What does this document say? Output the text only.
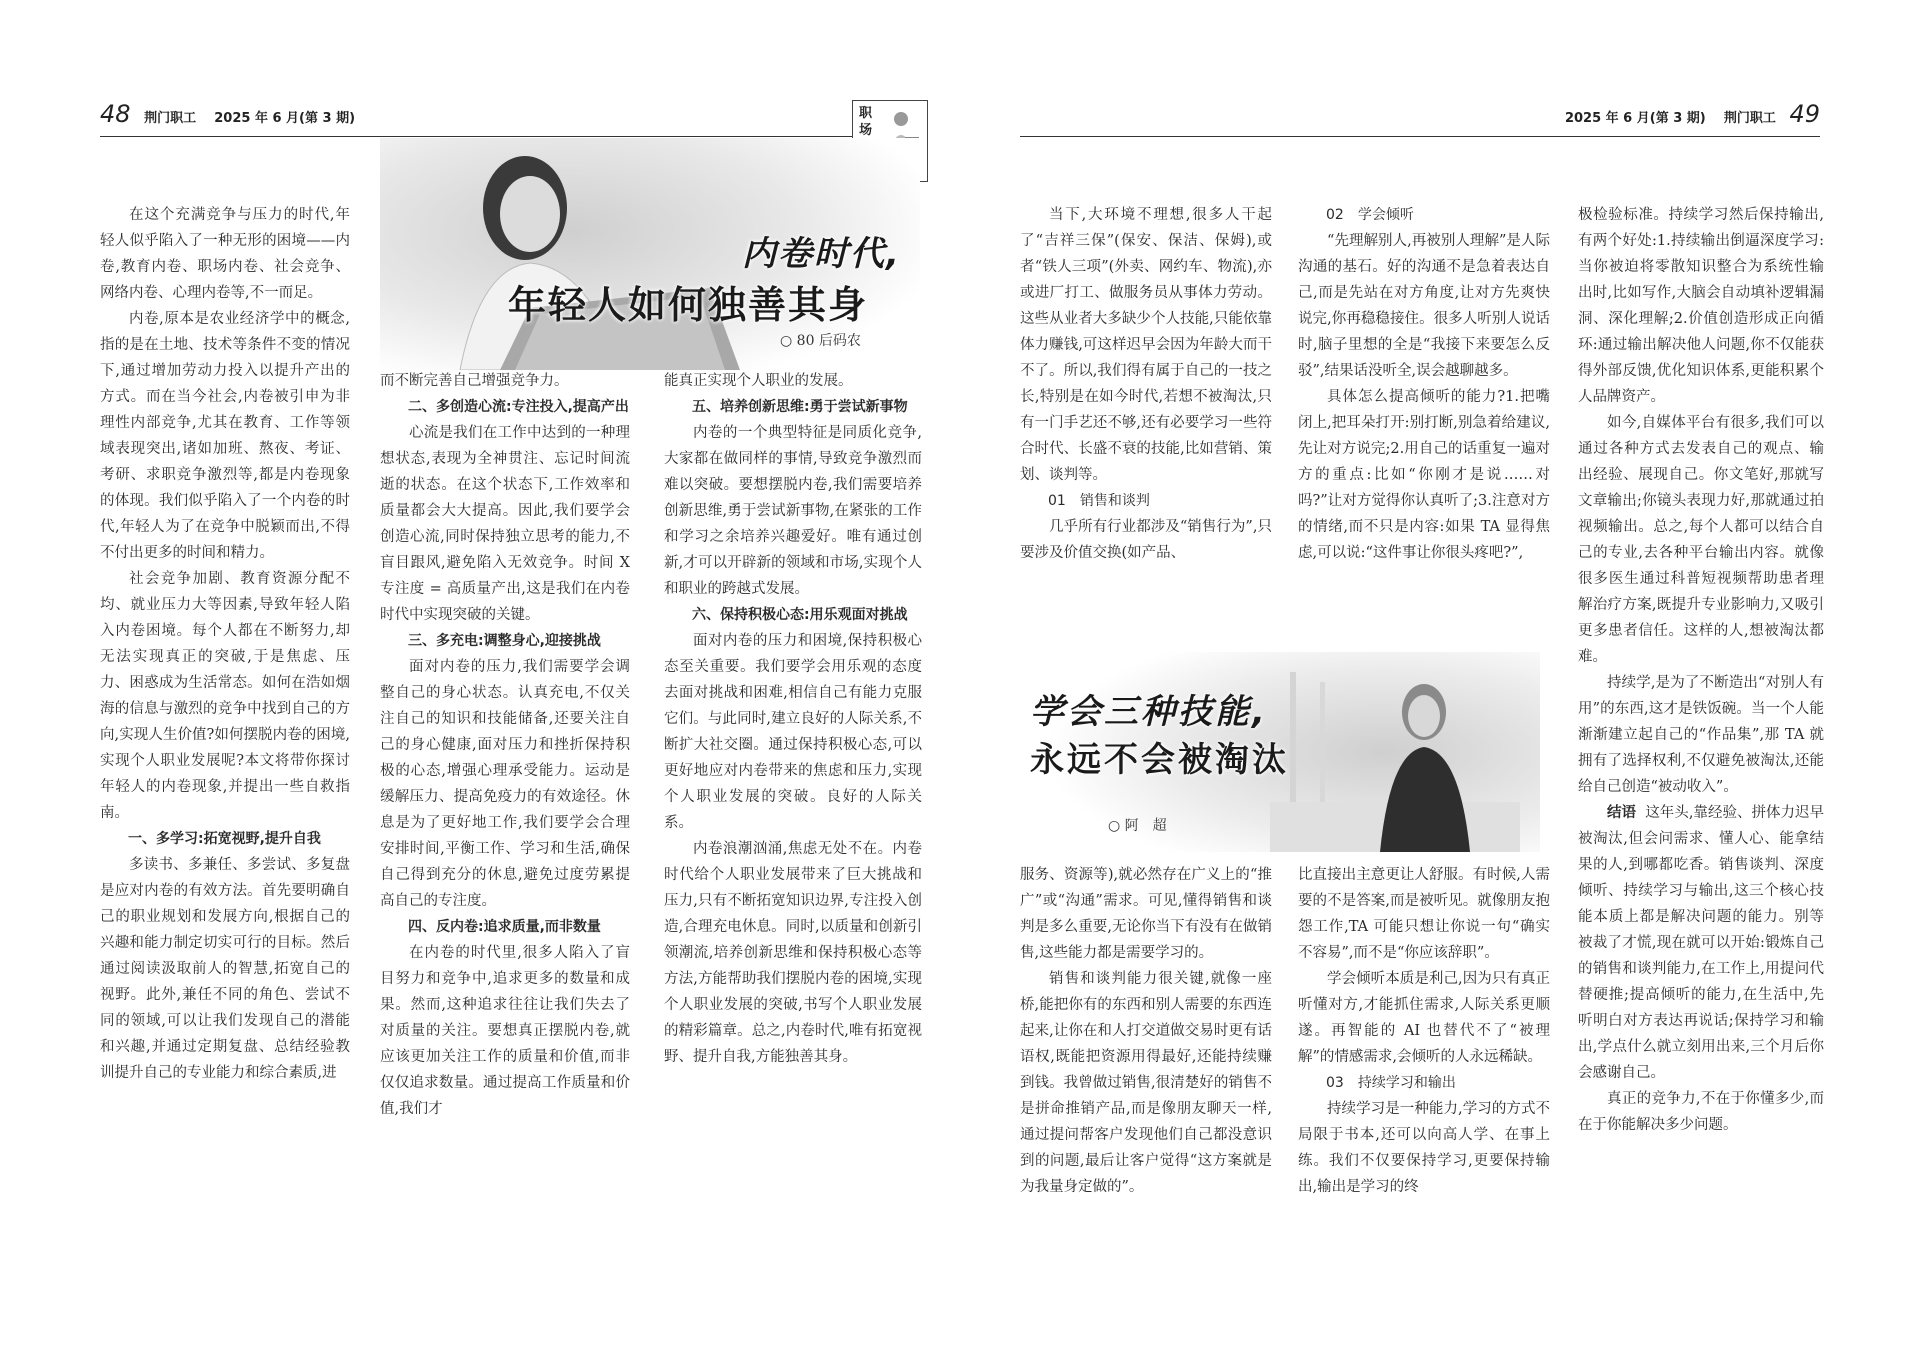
48 荆门职工 2025 年 6 月(第 3 期)	2025 年 6 月(第 3 期) 荆门职工 49
职场
内卷时代,
年轻人如何独善其身
○ 80 后码农

在这个充满竞争与压力的时代,年轻人似乎陷入了一种无形的困境——内卷,教育内卷、职场内卷、社会竞争、网络内卷、心理内卷等,不一而足。

内卷,原本是农业经济学中的概念,指的是在土地、技术等条件不变的情况下,通过增加劳动力投入以提升产出的方式。而在当今社会,内卷被引申为非理性内部竞争,尤其在教育、工作等领域表现突出,诸如加班、熬夜、考证、考研、求职竞争激烈等,都是内卷现象的体现。我们似乎陷入了一个内卷的时代,年轻人为了在竞争中脱颖而出,不得不付出更多的时间和精力。

社会竞争加剧、教育资源分配不均、就业压力大等因素,导致年轻人陷入内卷困境。每个人都在不断努力,却无法实现真正的突破,于是焦虑、压力、困惑成为生活常态。如何在浩如烟海的信息与激烈的竞争中找到自己的方向,实现人生价值?如何摆脱内卷的困境,实现个人职业发展呢?本文将带你探讨年轻人的内卷现象,并提出一些自救指南。

一、多学习:拓宽视野,提升自我

多读书、多兼任、多尝试、多复盘是应对内卷的有效方法。首先要明确自己的职业规划和发展方向,根据自己的兴趣和能力制定切实可行的目标。然后通过阅读汲取前人的智慧,拓宽自己的视野。此外,兼任不同的角色、尝试不同的领域,可以让我们发现自己的潜能和兴趣,并通过定期复盘、总结经验教训提升自己的专业能力和综合素质,进

而不断完善自己增强竞争力。

二、多创造心流:专注投入,提高产出

心流是我们在工作中达到的一种理想状态,表现为全神贯注、忘记时间流逝的状态。在这个状态下,工作效率和质量都会大大提高。因此,我们要学会创造心流,同时保持独立思考的能力,不盲目跟风,避免陷入无效竞争。时间 X 专注度 = 高质量产出,这是我们在内卷时代中实现突破的关键。

三、多充电:调整身心,迎接挑战

面对内卷的压力,我们需要学会调整自己的身心状态。认真充电,不仅关注自己的知识和技能储备,还要关注自己的身心健康,面对压力和挫折保持积极的心态,增强心理承受能力。运动是缓解压力、提高免疫力的有效途径。休息是为了更好地工作,我们要学会合理安排时间,平衡工作、学习和生活,确保自己得到充分的休息,避免过度劳累提高自己的专注度。

四、反内卷:追求质量,而非数量

在内卷的时代里,很多人陷入了盲目努力和竞争中,追求更多的数量和成果。然而,这种追求往往让我们失去了对质量的关注。要想真正摆脱内卷,就应该更加关注工作的质量和价值,而非仅仅追求数量。通过提高工作质量和价值,我们才

能真正实现个人职业的发展。

五、培养创新思维:勇于尝试新事物

内卷的一个典型特征是同质化竞争,大家都在做同样的事情,导致竞争激烈而难以突破。要想摆脱内卷,我们需要培养创新思维,勇于尝试新事物,在紧张的工作和学习之余培养兴趣爱好。唯有通过创新,才可以开辟新的领域和市场,实现个人和职业的跨越式发展。

六、保持积极心态:用乐观面对挑战

面对内卷的压力和困境,保持积极心态至关重要。我们要学会用乐观的态度去面对挑战和困难,相信自己有能力克服它们。与此同时,建立良好的人际关系,不断扩大社交圈。通过保持积极心态,可以更好地应对内卷带来的焦虑和压力,实现个人职业发展的突破。良好的人际关系。

内卷浪潮汹涌,焦虑无处不在。内卷时代给个人职业发展带来了巨大挑战和压力,只有不断拓宽知识边界,专注投入创造,合理充电休息。同时,以质量和创新引领潮流,培养创新思维和保持积极心态等方法,方能帮助我们摆脱内卷的困境,实现个人职业发展的突破,书写个人职业发展的精彩篇章。总之,内卷时代,唯有拓宽视野、提升自我,方能独善其身。

学会三种技能,
永远不会被淘汰
○ 阿　超

当下,大环境不理想,很多人干起了“吉祥三保”(保安、保洁、保姆),或者“铁人三项”(外卖、网约车、物流),亦或进厂打工、做服务员从事体力劳动。这些从业者大多缺少个人技能,只能依靠体力赚钱,可这样迟早会因为年龄大而干不了。所以,我们得有属于自己的一技之长,特别是在如今时代,若想不被淘汰,只有一门手艺还不够,还有必要学习一些符合时代、长盛不衰的技能,比如营销、策划、谈判等。

01　销售和谈判

几乎所有行业都涉及“销售行为”,只要涉及价值交换(如产品、

02　学会倾听

“先理解别人,再被别人理解”是人际沟通的基石。好的沟通不是急着表达自己,而是先站在对方角度,让对方先爽快说完,你再稳稳接住。很多人听别人说话时,脑子里想的全是“我接下来要怎么反驳”,结果话没听全,误会越聊越多。

具体怎么提高倾听的能力?1.把嘴闭上,把耳朵打开:别打断,别急着给建议,先让对方说完;2.用自己的话重复一遍对方的重点:比如“你刚才是说……对吗?”让对方觉得你认真听了;3.注意对方的情绪,而不只是内容:如果 TA 显得焦虑,可以说:“这件事让你很头疼吧?”,

极检验标准。持续学习然后保持输出,有两个好处:1.持续输出倒逼深度学习:当你被迫将零散知识整合为系统性输出时,比如写作,大脑会自动填补逻辑漏洞、深化理解;2.价值创造形成正向循环:通过输出解决他人问题,你不仅能获得外部反馈,优化知识体系,更能积累个人品牌资产。

如今,自媒体平台有很多,我们可以通过各种方式去发表自己的观点、输出经验、展现自己。你文笔好,那就写文章输出;你镜头表现力好,那就通过拍视频输出。总之,每个人都可以结合自己的专业,去各种平台输出内容。就像很多医生通过科普短视频帮助患者理解治疗方案,既提升专业影响力,又吸引更多患者信任。这样的人,想被淘汰都难。

持续学,是为了不断造出“对别人有用”的东西,这才是铁饭碗。当一个人能渐渐建立起自己的“作品集”,那 TA 就拥有了选择权利,不仅避免被淘汰,还能给自己创造“被动收入”。

结语 这年头,靠经验、拼体力迟早被淘汰,但会问需求、懂人心、能拿结果的人,到哪都吃香。销售谈判、深度倾听、持续学习与输出,这三个核心技能本质上都是解决问题的能力。别等被裁了才慌,现在就可以开始:锻炼自己的销售和谈判能力,在工作上,用提问代替硬推;提高倾听的能力,在生活中,先听明白对方表达再说话;保持学习和输出,学点什么就立刻用出来,三个月后你会感谢自己。

真正的竞争力,不在于你懂多少,而在于你能解决多少问题。

服务、资源等),就必然存在广义上的“推广”或“沟通”需求。可见,懂得销售和谈判是多么重要,无论你当下有没有在做销售,这些能力都是需要学习的。

销售和谈判能力很关键,就像一座桥,能把你有的东西和别人需要的东西连起来,让你在和人打交道做交易时更有话语权,既能把资源用得最好,还能持续赚到钱。我曾做过销售,很清楚好的销售不是拼命推销产品,而是像朋友聊天一样,通过提问帮客户发现他们自己都没意识到的问题,最后让客户觉得“这方案就是为我量身定做的”。

比直接出主意更让人舒服。有时候,人需要的不是答案,而是被听见。就像朋友抱怨工作,TA 可能只想让你说一句“确实不容易”,而不是“你应该辞职”。

学会倾听本质是利己,因为只有真正听懂对方,才能抓住需求,人际关系更顺遂。再智能的 AI 也替代不了“被理解”的情感需求,会倾听的人永远稀缺。

03　持续学习和输出

持续学习是一种能力,学习的方式不局限于书本,还可以向高人学、在事上练。我们不仅要保持学习,更要保持输出,输出是学习的终
